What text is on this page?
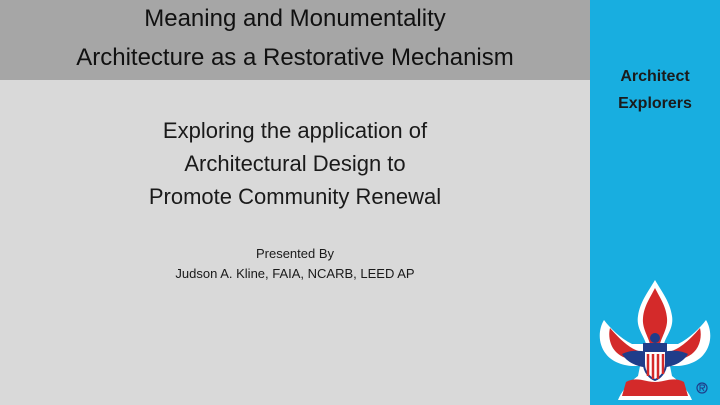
Meaning and Monumentality
Architecture as a Restorative Mechanism
Exploring the application of
Architectural Design to
Promote Community Renewal
Presented By
Judson A. Kline, FAIA, NCARB, LEED AP
Architect
Explorers
